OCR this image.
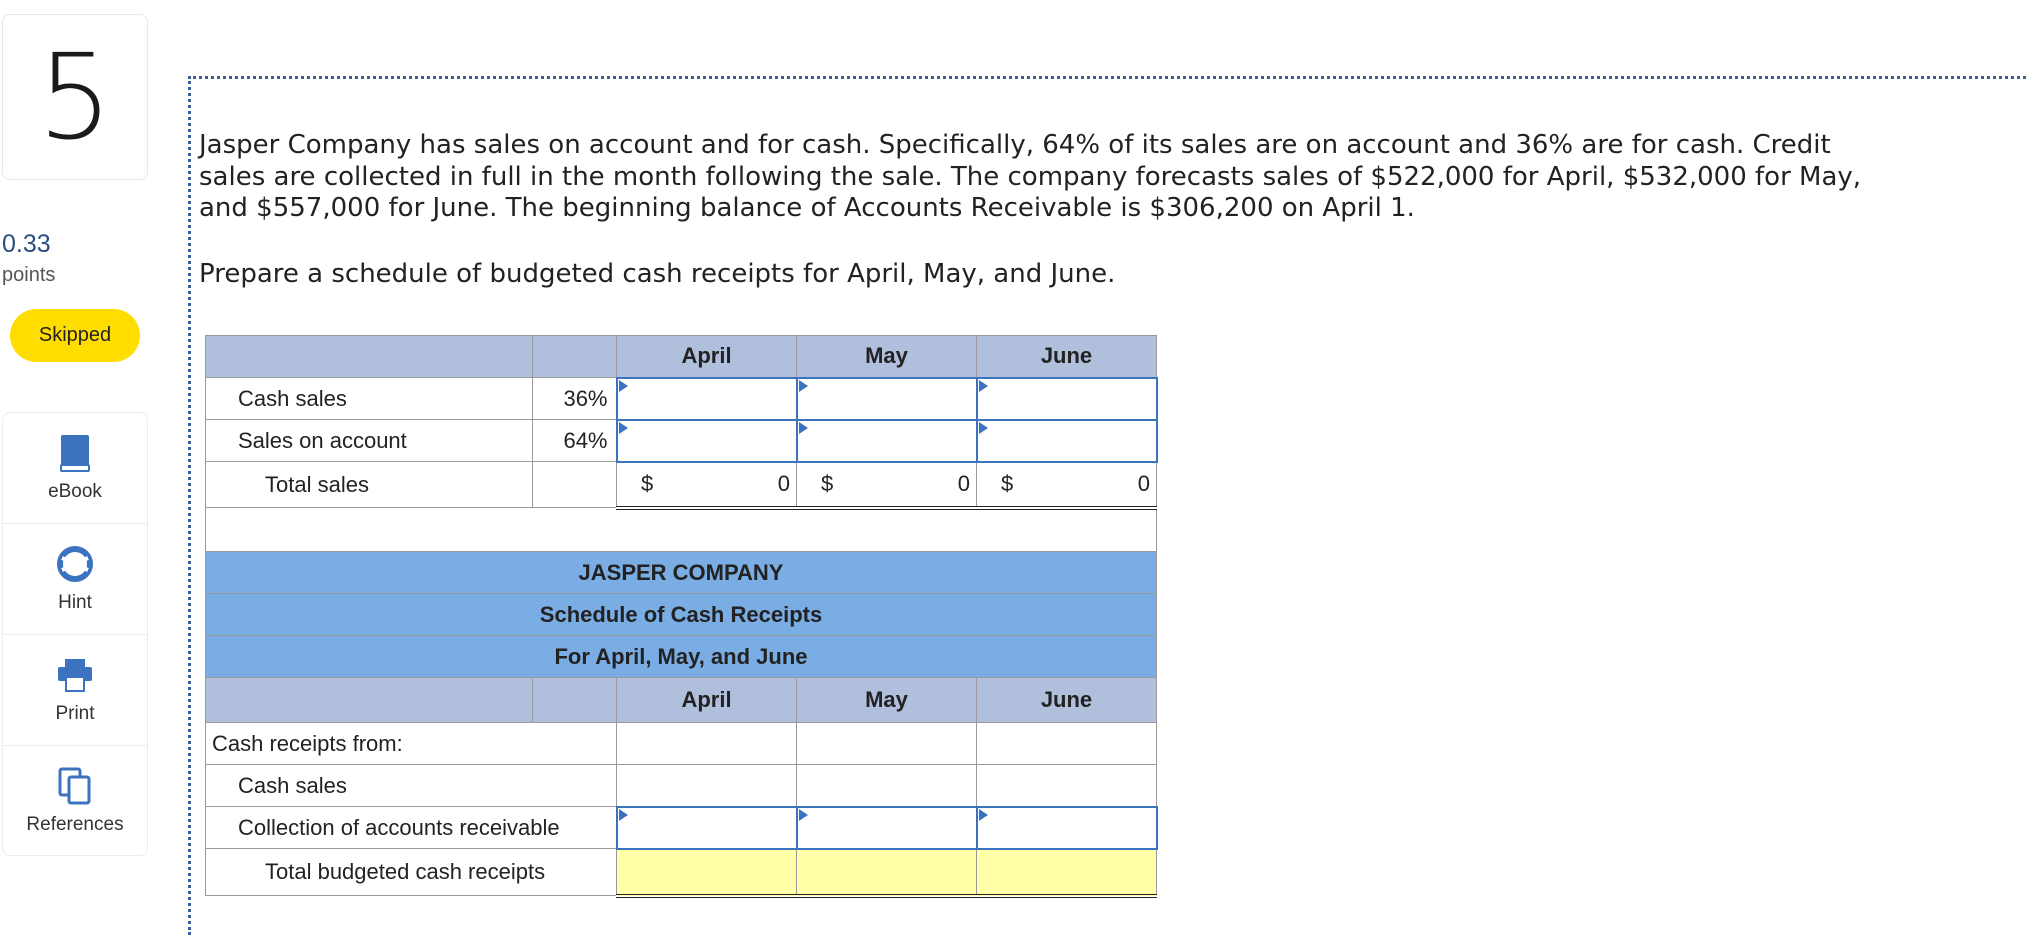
5
0.33
points
Skipped
eBook
Hint
Print
References
Jasper Company has sales on account and for cash. Specifically, 64% of its sales are on account and 36% are for cash. Credit sales are collected in full in the month following the sale. The company forecasts sales of $522,000 for April, $532,000 for May, and $557,000 for June. The beginning balance of Accounts Receivable is $306,200 on April 1.
Prepare a schedule of budgeted cash receipts for April, May, and June.
		April	May	June
Cash sales	36%			
Sales on account	64%			
Total sales		$ 0	$ 0	$ 0

JASPER COMPANY				
Schedule of Cash Receipts				
For April, May, and June				
		April	May	June
Cash receipts from:				
Cash sales				
Collection of accounts receivable				
Total budgeted cash receipts				
